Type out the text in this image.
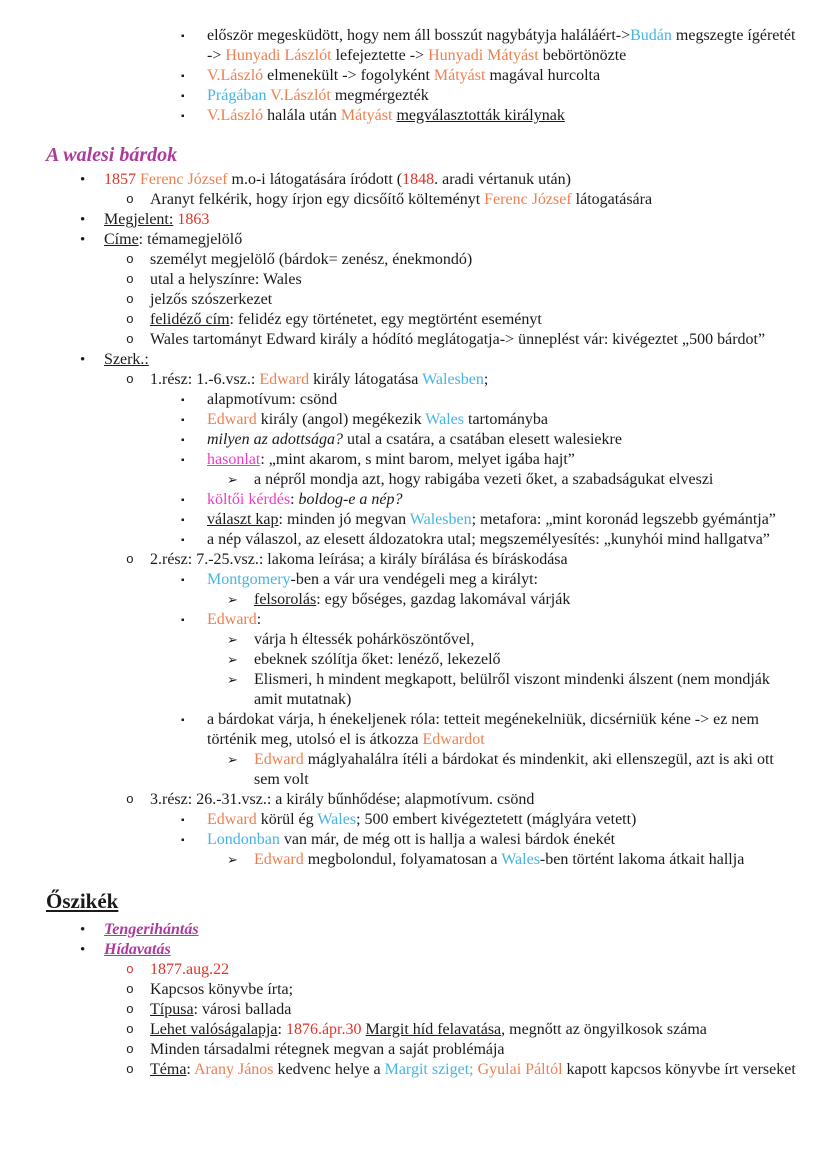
▪ először megesküdött, hogy nem áll bosszút nagybátyja haláláért->Budán megszegte ígéretét -> Hunyadi Lászlót lefejeztette -> Hunyadi Mátyást bebörtönözte
▪ V.László elmenekült -> fogolyként Mátyást magával hurcolta
▪ Prágában V.Lászlót megmérgezték
▪ V.László halála után Mátyást megválasztották királynak
A walesi bárdok
• 1857 Ferenc József m.o-i látogatására íródott (1848. aradi vértanuk után)
o Aranyt felkérik, hogy írjon egy dicsőítő költeményt Ferenc József látogatására
• Megjelent: 1863
• Címe: témamegjelölő
o személyt megjelölő (bárdok= zenész, énekmondó)
o utal a helyszínre: Wales
o jelzős szószerkezet
o felidéző cím: felidéz egy történetet, egy megtörtént eseményt
o Wales tartományt Edward király a hódító meglátogatja-> ünneplést vár: kivégeztet „500 bárdot”
• Szerk.:
o 1.rész: 1.-6.vsz.: Edward király látogatása Walesben;
▪ alapmotívum: csönd
▪ Edward király (angol) megékezik Wales tartományba
▪ milyen az adottsága? utal a csatára, a csatában elesett walesiekre
▪ hasonlat: „mint akarom, s mint barom, melyet igába hajt”
➢ a népről mondja azt, hogy rabigába vezeti őket, a szabadságukat elveszi
▪ költői kérdés: boldog-e a nép?
▪ választ kap: minden jó megvan Walesben; metafora: „mint koronád legszebb gyémántja”
▪ a nép válaszol, az elesett áldozatokra utal; megszemélyesítés: „kunyhói mind hallgatva”
o 2.rész: 7.-25.vsz.: lakoma leírása; a király bírálása és bíráskodása
▪ Montgomery-ben a vár ura vendégeli meg a királyt:
➢ felsorolás: egy bőséges, gazdag lakomával várják
▪ Edward:
➢ várja h éltessék pohárköszöntővel,
➢ ebeknek szólítja őket: lenéző, lekezelő
➢ Elismeri, h mindent megkapott, belülről viszont mindenki álszent (nem mondják amit mutatnak)
▪ a bárdokat várja, h énekeljenek róla: tetteit megénekelniük, dicsérniük kéne -> ez nem történik meg, utolsó el is átkozza Edwardot
➢ Edward máglyahalálra ítéli a bárdokat és mindenkit, aki ellenszegül, azt is aki ott sem volt
o 3.rész: 26.-31.vsz.: a király bűnhődése; alapmotívum. csönd
▪ Edward körül ég Wales; 500 embert kivégeztetett (máglyára vetett)
▪ Londonban van már, de még ott is hallja a walesi bárdok énekét
➢ Edward megbolondul, folyamatosan a Wales-ben történt lakoma átkait hallja
Őszikék
• Tengerihántás
• Hídavatás
o 1877.aug.22
o Kapcsos könyvbe írta;
o Típusa: városi ballada
o Lehet valóságalapja: 1876.ápr.30 Margit híd felavatása, megnőtt az öngyilkosok száma
o Minden társadalmi rétegnek megvan a saját problémája
o Téma: Arany János kedvenc helye a Margit sziget; Gyulai Páltól kapott kapcsos könyvbe írt verseket
